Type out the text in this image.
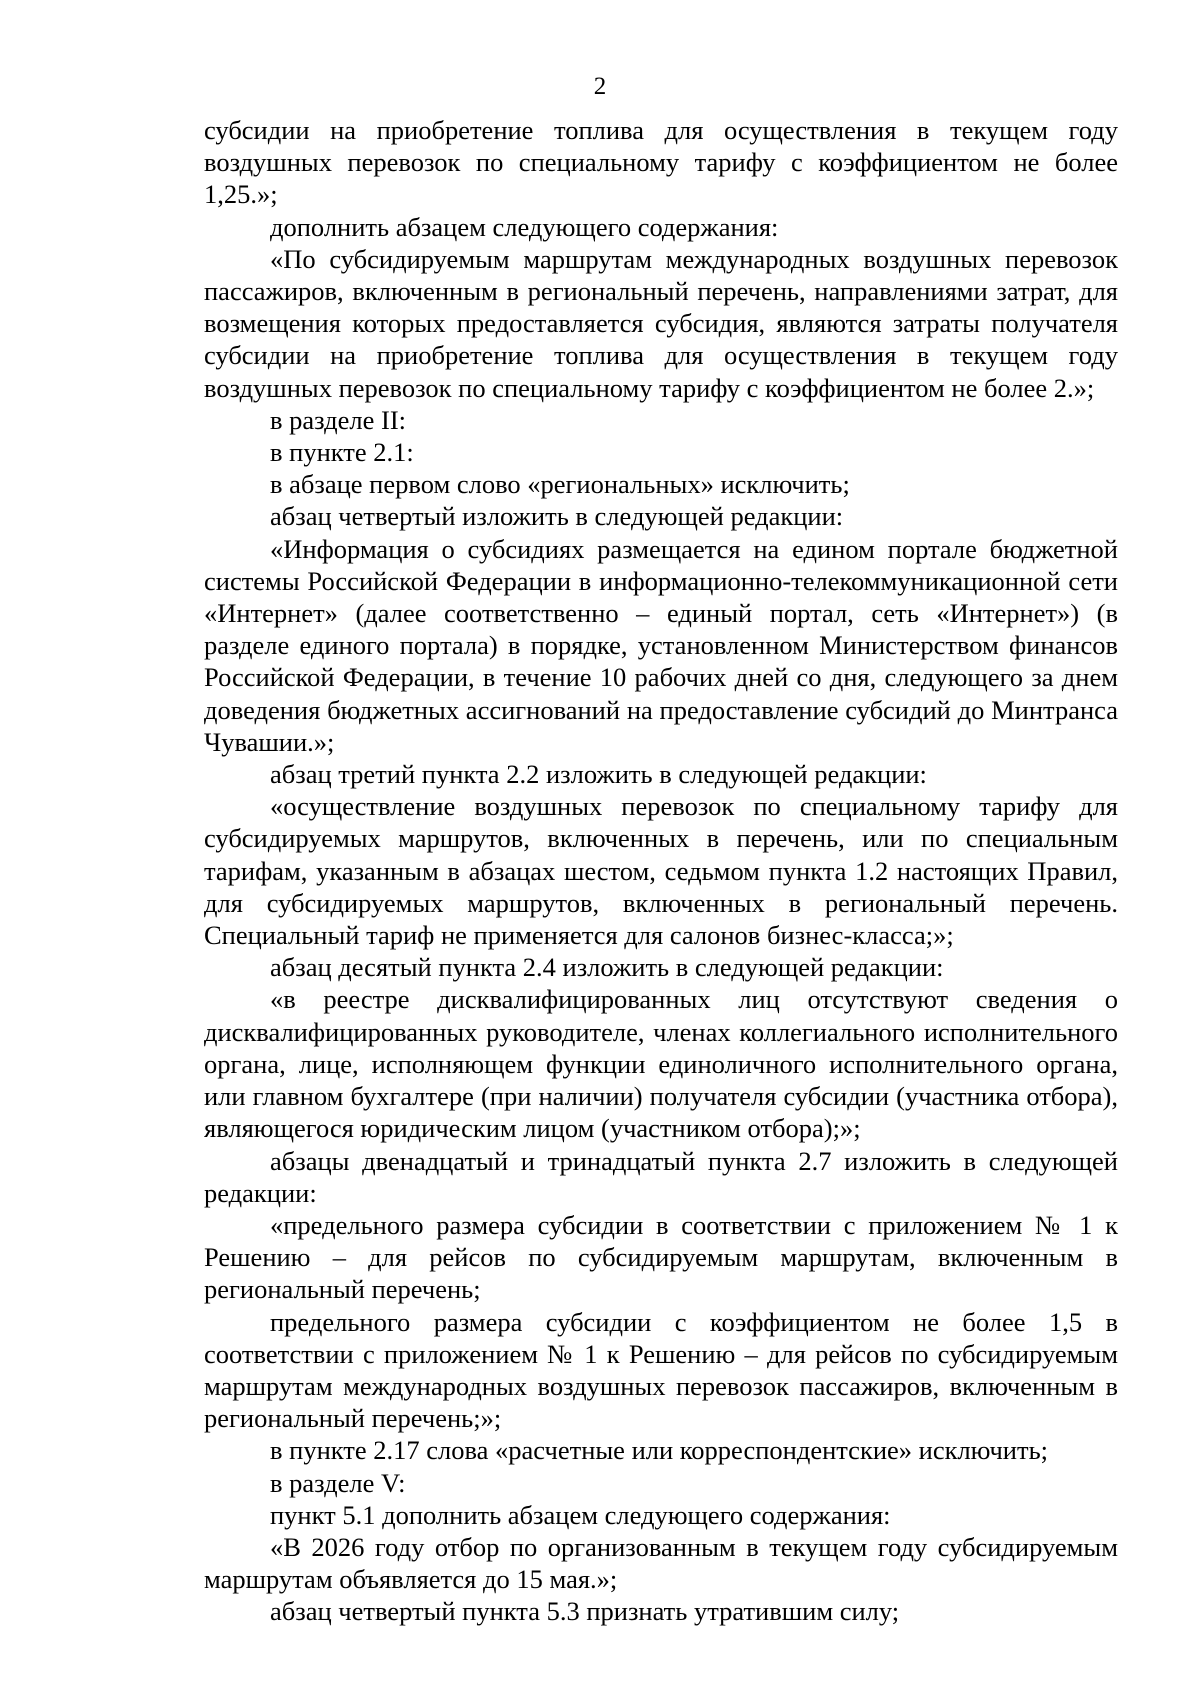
2

субсидии на приобретение топлива для осуществления в текущем году воздушных перевозок по специальному тарифу с коэффициентом не более 1,25.»;

дополнить абзацем следующего содержания:

«По субсидируемым маршрутам международных воздушных перевозок пассажиров, включенным в региональный перечень, направлениями затрат, для возмещения которых предоставляется субсидия, являются затраты получателя субсидии на приобретение топлива для осуществления в текущем году воздушных перевозок по специальному тарифу с коэффициентом не более 2.»;

в разделе II:

в пункте 2.1:

в абзаце первом слово «региональных» исключить;

абзац четвертый изложить в следующей редакции:

«Информация о субсидиях размещается на едином портале бюджетной системы Российской Федерации в информационно-телекоммуникационной сети «Интернет» (далее соответственно – единый портал, сеть «Интернет») (в разделе единого портала) в порядке, установленном Министерством финансов Российской Федерации, в течение 10 рабочих дней со дня, следующего за днем доведения бюджетных ассигнований на предоставление субсидий до Минтранса Чувашии.»;

абзац третий пункта 2.2 изложить в следующей редакции:

«осуществление воздушных перевозок по специальному тарифу для субсидируемых маршрутов, включенных в перечень, или по специальным тарифам, указанным в абзацах шестом, седьмом пункта 1.2 настоящих Правил, для субсидируемых маршрутов, включенных в региональный перечень. Специальный тариф не применяется для салонов бизнес-класса;»;

абзац десятый пункта 2.4 изложить в следующей редакции:

«в реестре дисквалифицированных лиц отсутствуют сведения о дисквалифицированных руководителе, членах коллегиального исполнительного органа, лице, исполняющем функции единоличного исполнительного органа, или главном бухгалтере (при наличии) получателя субсидии (участника отбора), являющегося юридическим лицом (участником отбора);»;

абзацы двенадцатый и тринадцатый пункта 2.7 изложить в следующей редакции:

«предельного размера субсидии в соответствии с приложением № 1 к Решению – для рейсов по субсидируемым маршрутам, включенным в региональный перечень;

предельного размера субсидии с коэффициентом не более 1,5 в соответствии с приложением № 1 к Решению – для рейсов по субсидируемым маршрутам международных воздушных перевозок пассажиров, включенным в региональный перечень;»;

в пункте 2.17 слова «расчетные или корреспондентские» исключить;

в разделе V:

пункт 5.1 дополнить абзацем следующего содержания:

«В 2026 году отбор по организованным в текущем году субсидируемым маршрутам объявляется до 15 мая.»;

абзац четвертый пункта 5.3 признать утратившим силу;
